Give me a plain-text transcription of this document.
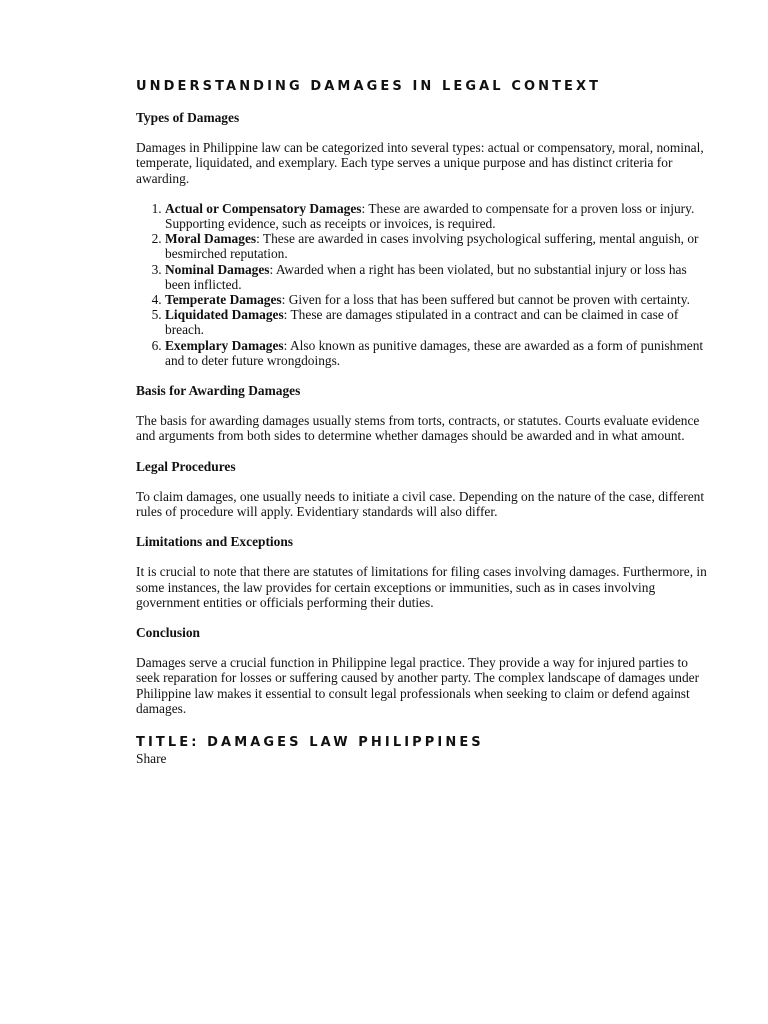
UNDERSTANDING DAMAGES IN LEGAL CONTEXT
Types of Damages

Damages in Philippine law can be categorized into several types: actual or compensatory, moral, nominal, temperate, liquidated, and exemplary. Each type serves a unique purpose and has distinct criteria for awarding.

1. Actual or Compensatory Damages: These are awarded to compensate for a proven loss or injury. Supporting evidence, such as receipts or invoices, is required.
2. Moral Damages: These are awarded in cases involving psychological suffering, mental anguish, or besmirched reputation.
3. Nominal Damages: Awarded when a right has been violated, but no substantial injury or loss has been inflicted.
4. Temperate Damages: Given for a loss that has been suffered but cannot be proven with certainty.
5. Liquidated Damages: These are damages stipulated in a contract and can be claimed in case of breach.
6. Exemplary Damages: Also known as punitive damages, these are awarded as a form of punishment and to deter future wrongdoings.
Basis for Awarding Damages

The basis for awarding damages usually stems from torts, contracts, or statutes. Courts evaluate evidence and arguments from both sides to determine whether damages should be awarded and in what amount.

Legal Procedures

To claim damages, one usually needs to initiate a civil case. Depending on the nature of the case, different rules of procedure will apply. Evidentiary standards will also differ.

Limitations and Exceptions

It is crucial to note that there are statutes of limitations for filing cases involving damages. Furthermore, in some instances, the law provides for certain exceptions or immunities, such as in cases involving government entities or officials performing their duties.

Conclusion

Damages serve a crucial function in Philippine legal practice. They provide a way for injured parties to seek reparation for losses or suffering caused by another party. The complex landscape of damages under Philippine law makes it essential to consult legal professionals when seeking to claim or defend against damages.

TITLE: DAMAGES LAW PHILIPPINES
Share
